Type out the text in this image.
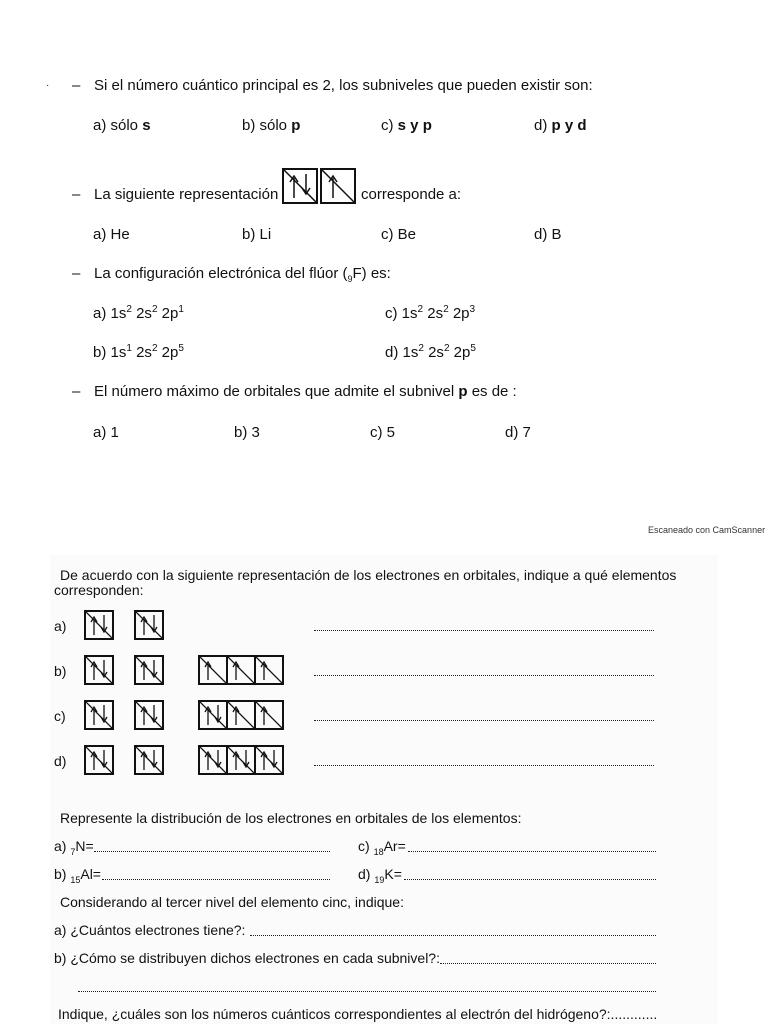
· – Si el número cuántico principal es 2, los subniveles que pueden existir son:
a) sólo s	b) sólo p	c) s y p	d) p y d
– La siguiente representación	corresponde a:
a) He	b) Li	c) Be	d) B
– La configuración electrónica del flúor $(_9F)$ es:
a) $1s^2$ $2s^2$ $2p^1$	c) $1s^2$ $2s^2$ $2p^3$
b) $1s^1$ $2s^2$ $2p^5$	d) $1s^2$ $2s^2$ $2p^5$
– El número máximo de orbitales que admite el subnivel p es de :
a) 1	b) 3	c) 5	d) 7
Escaneado con CamScanner
De acuerdo con la siguiente representación de los electrones en orbitales, indique a qué elementos
corresponden:
a)
b)
c)
d)
Represente la distribución de los electrones en orbitales de los elementos:
a) $_7$N=	c) $_{18}$Ar=
b) $_{15}$Al=	d) $_{19}$K=
Considerando al tercer nivel del elemento cinc, indique:
a) ¿Cuántos electrones tiene?:
b) ¿Cómo se distribuyen dichos electrones en cada subnivel?:
Indique, ¿cuáles son los números cuánticos correspondientes al electrón del hidrógeno?:............
